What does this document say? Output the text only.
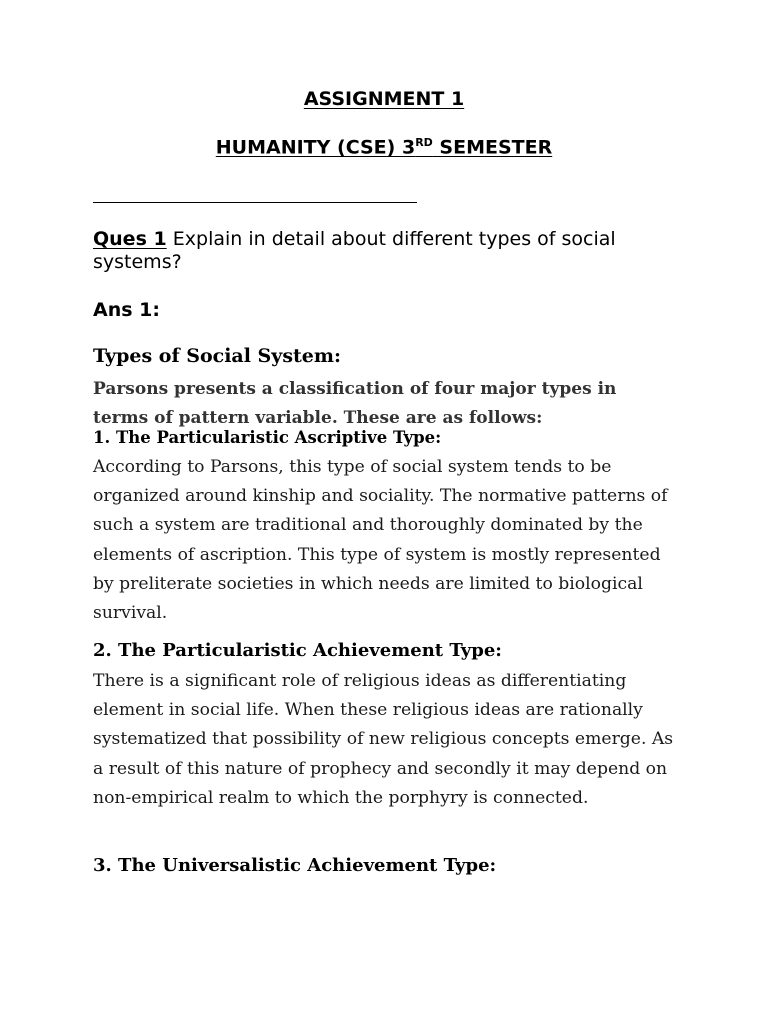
ASSIGNMENT 1
HUMANITY (CSE) 3RD SEMESTER
Ques 1 Explain in detail about different types of social systems?
Ans 1:
Types of Social System:
Parsons presents a classification of four major types in terms of pattern variable. These are as follows:
1. The Particularistic Ascriptive Type:
According to Parsons, this type of social system tends to be organized around kinship and sociality. The normative patterns of such a system are traditional and thoroughly dominated by the elements of ascription. This type of system is mostly represented by preliterate societies in which needs are limited to biological survival.
2. The Particularistic Achievement Type:
There is a significant role of religious ideas as differentiating element in social life. When these religious ideas are rationally systematized that possibility of new religious concepts emerge. As a result of this nature of prophecy and secondly it may depend on non-empirical realm to which the porphyry is connected.
3. The Universalistic Achievement Type:
